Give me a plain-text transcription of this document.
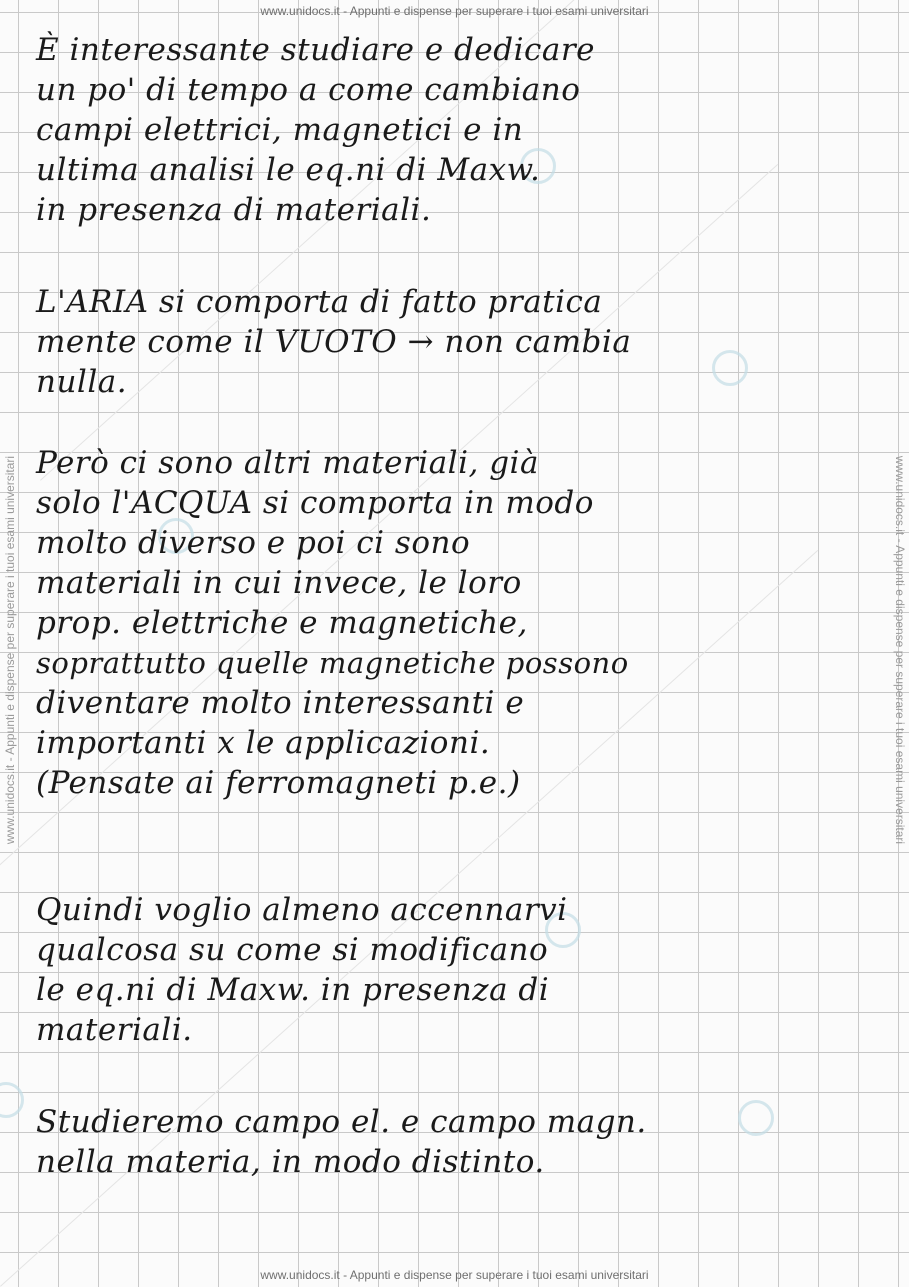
www.unidocs.it - Appunti e dispense per superare i tuoi esami universitari
www.unidocs.it - Appunti e dispense per superare i tuoi esami universitari
www.unidocs.it - Appunti e dispense per superare i tuoi esami universitari	www.unidocs.it - Appunti e dispense per superare i tuoi esami universitari
È interessante studiare e dedicare
un po' di tempo a come cambiano
campi elettrici, magnetici e in
ultima analisi le eq.ni di Maxw.
in presenza di materiali.
L'ARIA si comporta di fatto pratica
mente come il VUOTO → non cambia
nulla.
Però ci sono altri materiali, già
solo l'ACQUA si comporta in modo
molto diverso e poi ci sono
materiali in cui invece, le loro
prop. elettriche e magnetiche,
soprattutto quelle magnetiche possono
diventare molto interessanti e
importanti x le applicazioni.
(Pensate ai ferromagneti p.e.)
Quindi voglio almeno accennarvi
qualcosa su come si modificano
le eq.ni di Maxw. in presenza di
materiali.
Studieremo campo el. e campo magn.
nella materia, in modo distinto.
